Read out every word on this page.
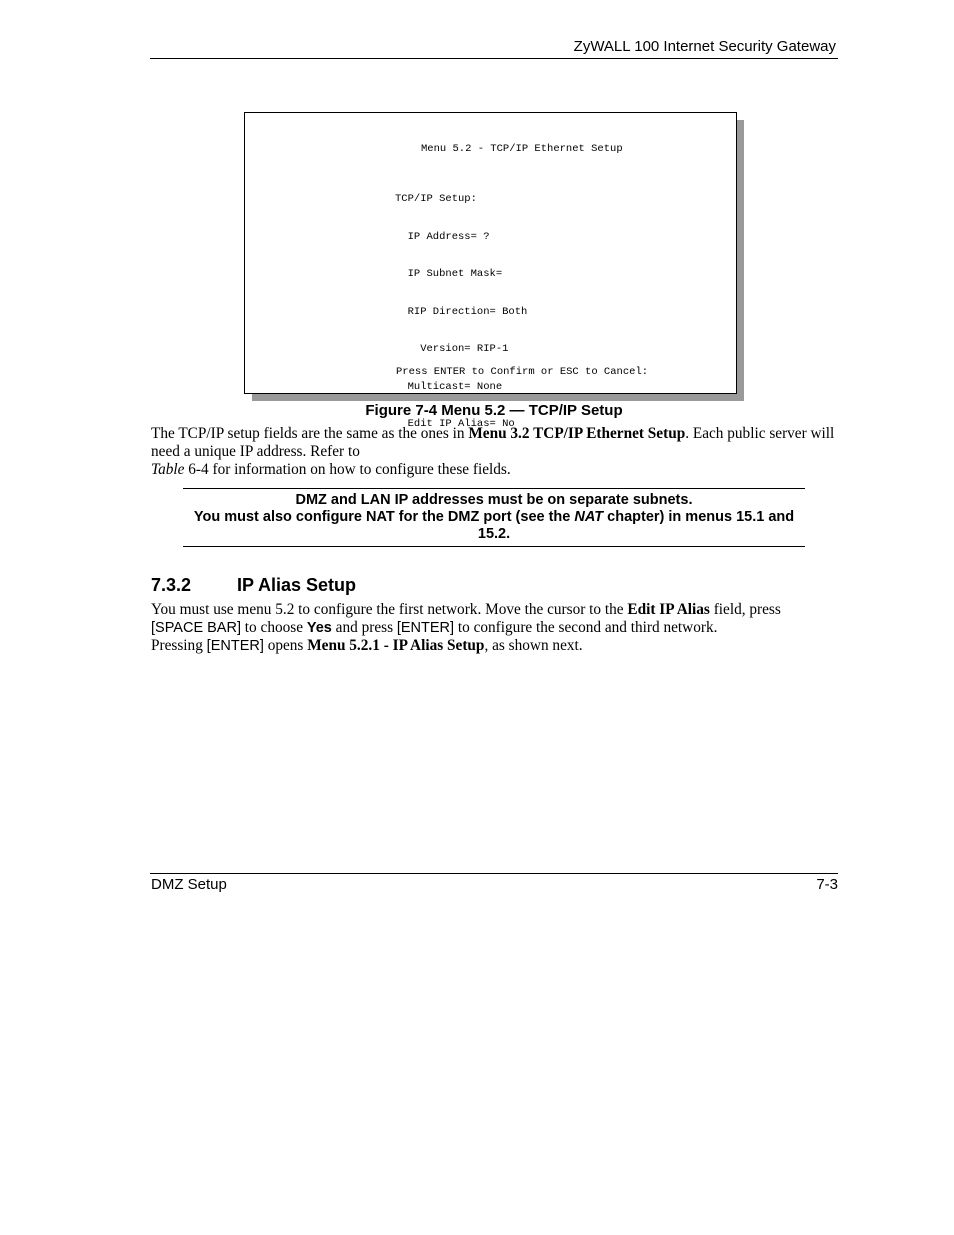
ZyWALL 100 Internet Security Gateway
Menu 5.2 - TCP/IP Ethernet Setup

TCP/IP Setup:

IP Address= ?

IP Subnet Mask=

RIP Direction= Both

Version= RIP-1

Multicast= None

Edit IP Alias= No

Press ENTER to Confirm or ESC to Cancel:
Figure 7-4 Menu 5.2 — TCP/IP Setup
The TCP/IP setup fields are the same as the ones in Menu 3.2 TCP/IP Ethernet Setup. Each public server will need a unique IP address. Refer to
Table 6-4 for information on how to configure these fields.
DMZ and LAN IP addresses must be on separate subnets.
You must also configure NAT for the DMZ port (see the NAT chapter) in menus 15.1 and 15.2.
7.3.2	IP Alias Setup
You must use menu 5.2 to configure the first network. Move the cursor to the Edit IP Alias field, press
[SPACE BAR] to choose Yes and press [ENTER] to configure the second and third network.
Pressing [ENTER] opens Menu 5.2.1 - IP Alias Setup, as shown next.
DMZ Setup	7-3
